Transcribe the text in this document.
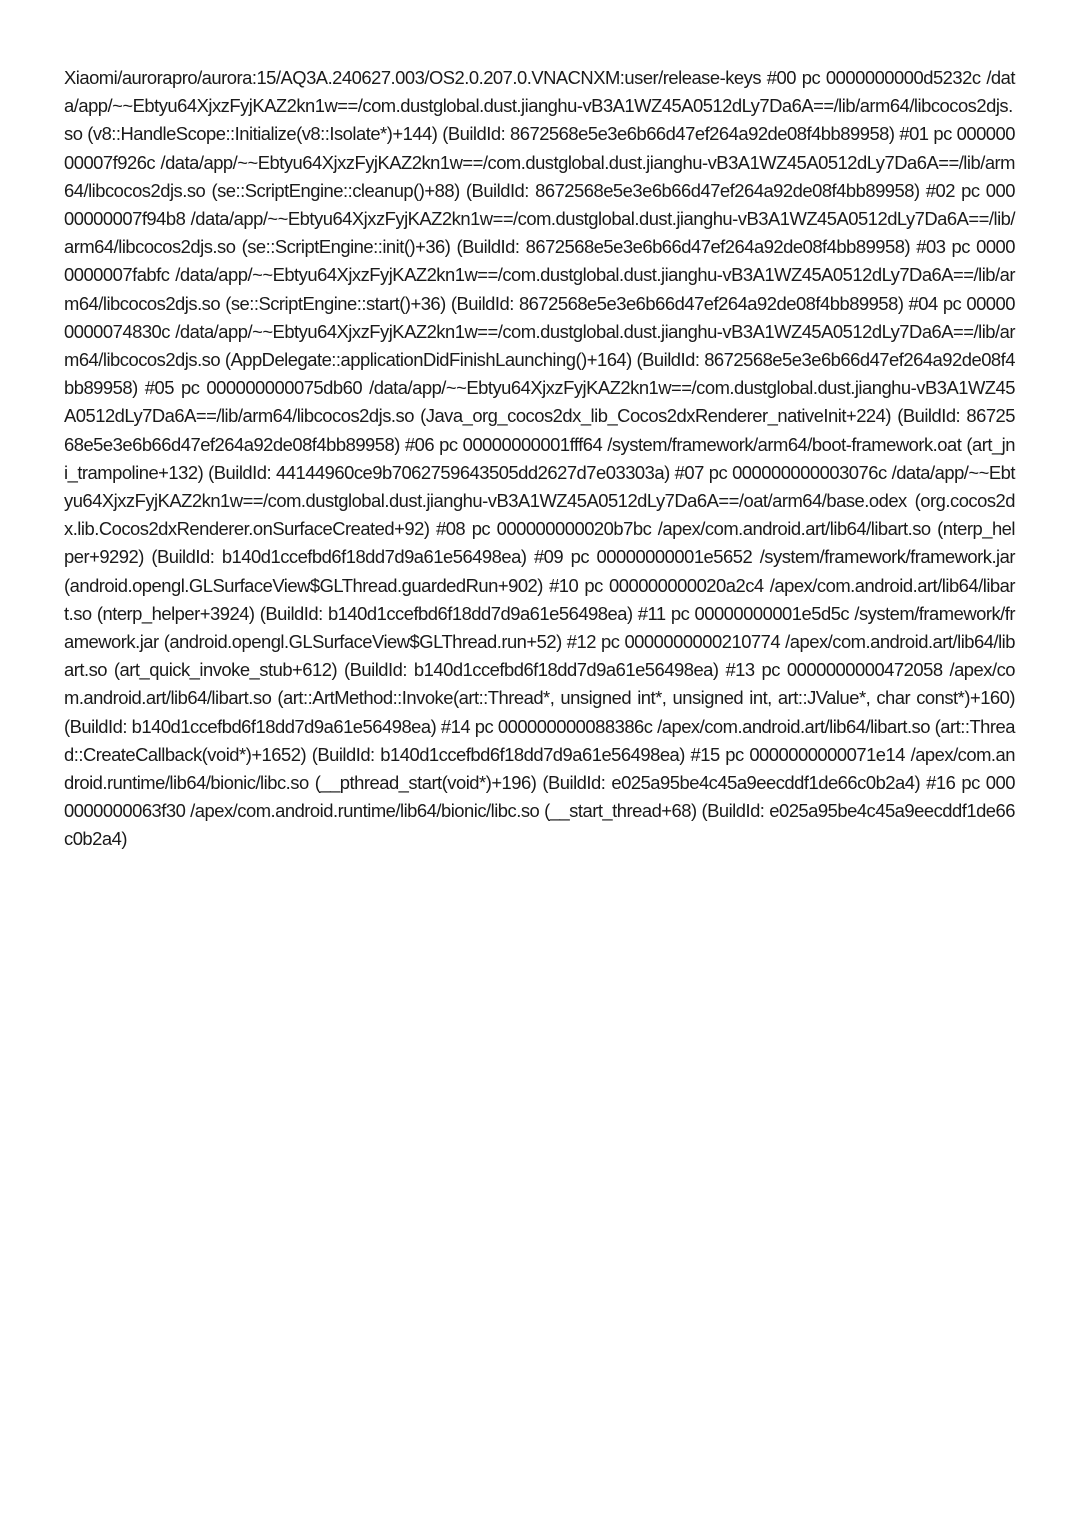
Xiaomi/aurorapro/aurora:15/AQ3A.240627.003/OS2.0.207.0.VNACNXM:user/release-keys #00 pc 0000000000d5232c /data/app/~~Ebtyu64XjxzFyjKAZ2kn1w==/com.dustglobal.dust.jianghu-vB3A1WZ45A0512dLy7Da6A==/lib/arm64/libcocos2djs.so (v8::HandleScope::Initialize(v8::Isolate*)+144) (BuildId: 8672568e5e3e6b66d47ef264a92de08f4bb89958) #01 pc 00000000007f926c /data/app/~~Ebtyu64XjxzFyjKAZ2kn1w==/com.dustglobal.dust.jianghu-vB3A1WZ45A0512dLy7Da6A==/lib/arm64/libcocos2djs.so (se::ScriptEngine::cleanup()+88) (BuildId: 8672568e5e3e6b66d47ef264a92de08f4bb89958) #02 pc 00000000007f94b8 /data/app/~~Ebtyu64XjxzFyjKAZ2kn1w==/com.dustglobal.dust.jianghu-vB3A1WZ45A0512dLy7Da6A==/lib/arm64/libcocos2djs.so (se::ScriptEngine::init()+36) (BuildId: 8672568e5e3e6b66d47ef264a92de08f4bb89958) #03 pc 00000000007fabfc /data/app/~~Ebtyu64XjxzFyjKAZ2kn1w==/com.dustglobal.dust.jianghu-vB3A1WZ45A0512dLy7Da6A==/lib/arm64/libcocos2djs.so (se::ScriptEngine::start()+36) (BuildId: 8672568e5e3e6b66d47ef264a92de08f4bb89958) #04 pc 000000000074830c /data/app/~~Ebtyu64XjxzFyjKAZ2kn1w==/com.dustglobal.dust.jianghu-vB3A1WZ45A0512dLy7Da6A==/lib/arm64/libcocos2djs.so (AppDelegate::applicationDidFinishLaunching()+164) (BuildId: 8672568e5e3e6b66d47ef264a92de08f4bb89958) #05 pc 000000000075db60 /data/app/~~Ebtyu64XjxzFyjKAZ2kn1w==/com.dustglobal.dust.jianghu-vB3A1WZ45A0512dLy7Da6A==/lib/arm64/libcocos2djs.so (Java_org_cocos2dx_lib_Cocos2dxRenderer_nativeInit+224) (BuildId: 8672568e5e3e6b66d47ef264a92de08f4bb89958) #06 pc 00000000001fff64 /system/framework/arm64/boot-framework.oat (art_jni_trampoline+132) (BuildId: 44144960ce9b7062759643505dd2627d7e03303a) #07 pc 000000000003076c /data/app/~~Ebtyu64XjxzFyjKAZ2kn1w==/com.dustglobal.dust.jianghu-vB3A1WZ45A0512dLy7Da6A==/oat/arm64/base.odex (org.cocos2dx.lib.Cocos2dxRenderer.onSurfaceCreated+92) #08 pc 000000000020b7bc /apex/com.android.art/lib64/libart.so (nterp_helper+9292) (BuildId: b140d1ccefbd6f18dd7d9a61e56498ea) #09 pc 00000000001e5652 /system/framework/framework.jar (android.opengl.GLSurfaceView$GLThread.guardedRun+902) #10 pc 000000000020a2c4 /apex/com.android.art/lib64/libart.so (nterp_helper+3924) (BuildId: b140d1ccefbd6f18dd7d9a61e56498ea) #11 pc 00000000001e5d5c /system/framework/framework.jar (android.opengl.GLSurfaceView$GLThread.run+52) #12 pc 0000000000210774 /apex/com.android.art/lib64/libart.so (art_quick_invoke_stub+612) (BuildId: b140d1ccefbd6f18dd7d9a61e56498ea) #13 pc 0000000000472058 /apex/com.android.art/lib64/libart.so (art::ArtMethod::Invoke(art::Thread*, unsigned int*, unsigned int, art::JValue*, char const*)+160) (BuildId: b140d1ccefbd6f18dd7d9a61e56498ea) #14 pc 000000000088386c /apex/com.android.art/lib64/libart.so (art::Thread::CreateCallback(void*)+1652) (BuildId: b140d1ccefbd6f18dd7d9a61e56498ea) #15 pc 0000000000071e14 /apex/com.android.runtime/lib64/bionic/libc.so (__pthread_start(void*)+196) (BuildId: e025a95be4c45a9eecddf1de66c0b2a4) #16 pc 0000000000063f30 /apex/com.android.runtime/lib64/bionic/libc.so (__start_thread+68) (BuildId: e025a95be4c45a9eecddf1de66c0b2a4)
